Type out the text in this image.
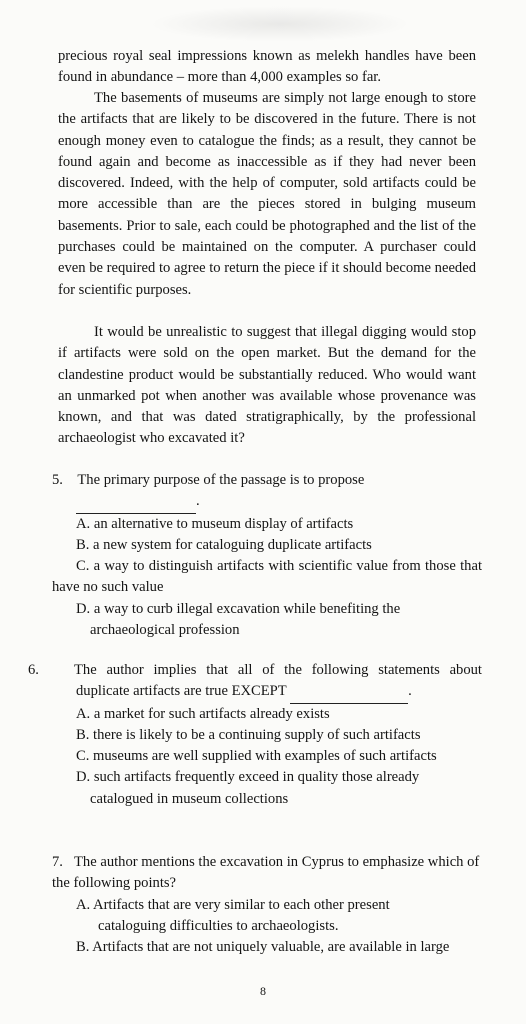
precious royal seal impressions known as melekh handles have been found in abundance – more than 4,000 examples so far.

The basements of museums are simply not large enough to store the artifacts that are likely to be discovered in the future. There is not enough money even to catalogue the finds; as a result, they cannot be found again and become as inaccessible as if they had never been discovered. Indeed, with the help of computer, sold artifacts could be more accessible than are the pieces stored in bulging museum basements. Prior to sale, each could be photographed and the list of the purchases could be maintained on the computer. A purchaser could even be required to agree to return the piece if it should become needed for scientific purposes.

It would be unrealistic to suggest that illegal digging would stop if artifacts were sold on the open market. But the demand for the clandestine product would be substantially reduced. Who would want an unmarked pot when another was available whose provenance was known, and that was dated stratigraphically, by the professional archaeologist who excavated it?

5. The primary purpose of the passage is to propose

.

A. an alternative to museum display of artifacts

B. a new system for cataloguing duplicate artifacts

C. a way to distinguish artifacts with scientific value from those that have no such value

D. a way to curb illegal excavation while benefiting the

archaeological profession

6. The author implies that all of the following statements about duplicate artifacts are true EXCEPT	.

A. a market for such artifacts already exists

B. there is likely to be a continuing supply of such artifacts

C. museums are well supplied with examples of such artifacts

D. such artifacts frequently exceed in quality those already

catalogued in museum collections

7. The author mentions the excavation in Cyprus to emphasize which of the following points?

A. Artifacts that are very similar to each other present

cataloguing difficulties to archaeologists.

B. Artifacts that are not uniquely valuable, are available in large

8
